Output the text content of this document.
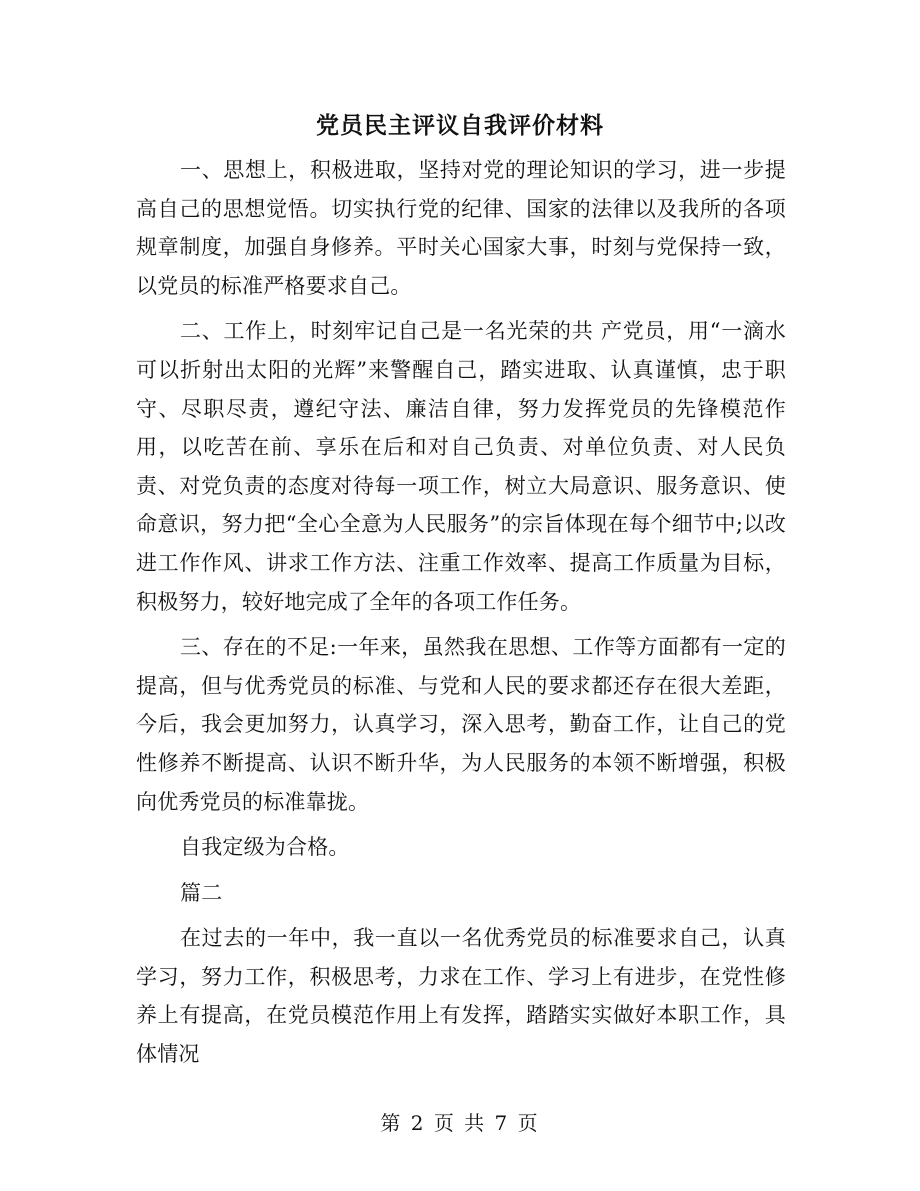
党员民主评议自我评价材料

一、思想上，积极进取，坚持对党的理论知识的学习，进一步提高自己的思想觉悟。切实执行党的纪律、国家的法律以及我所的各项规章制度，加强自身修养。平时关心国家大事，时刻与党保持一致，以党员的标准严格要求自己。

二、工作上，时刻牢记自己是一名光荣的共 产党员，用“一滴水可以折射出太阳的光辉”来警醒自己，踏实进取、认真谨慎，忠于职守、尽职尽责，遵纪守法、廉洁自律，努力发挥党员的先锋模范作用，以吃苦在前、享乐在后和对自己负责、对单位负责、对人民负责、对党负责的态度对待每一项工作，树立大局意识、服务意识、使命意识，努力把“全心全意为人民服务”的宗旨体现在每个细节中;以改进工作作风、讲求工作方法、注重工作效率、提高工作质量为目标，积极努力，较好地完成了全年的各项工作任务。

三、存在的不足:一年来，虽然我在思想、工作等方面都有一定的提高，但与优秀党员的标准、与党和人民的要求都还存在很大差距，今后，我会更加努力，认真学习，深入思考，勤奋工作，让自己的党性修养不断提高、认识不断升华，为人民服务的本领不断增强，积极向优秀党员的标准靠拢。

自我定级为合格。

篇二

在过去的一年中，我一直以一名优秀党员的标准要求自己，认真学习，努力工作，积极思考，力求在工作、学习上有进步，在党性修养上有提高，在党员模范作用上有发挥，踏踏实实做好本职工作，具体情况

第 2 页 共 7 页
